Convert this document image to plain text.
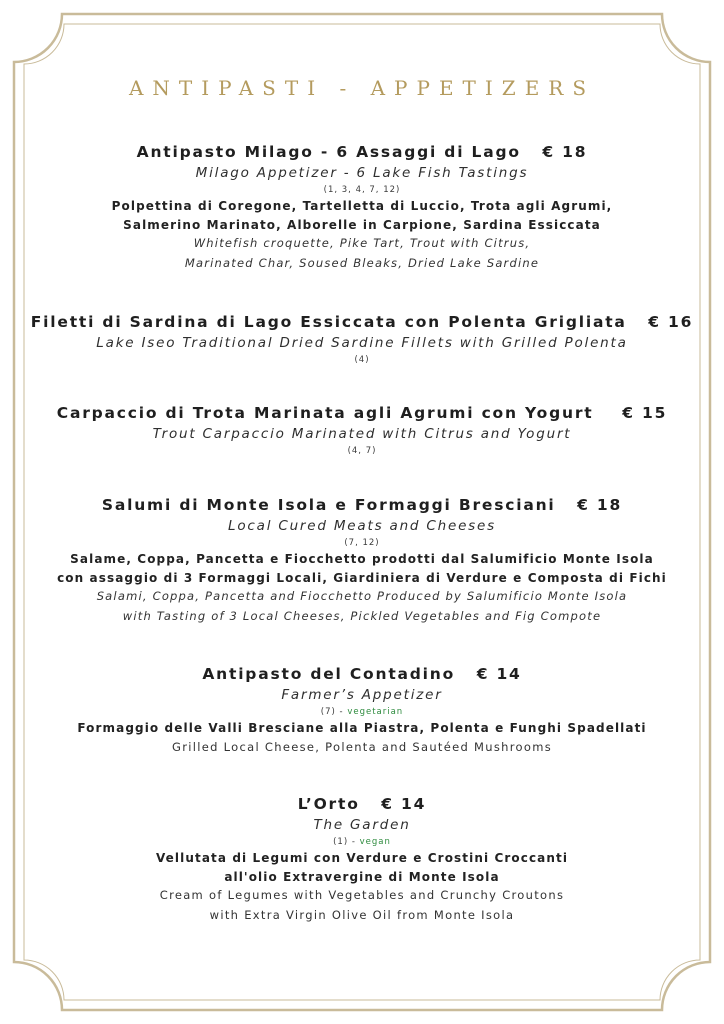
ANTIPASTI - APPETIZERS
Antipasto Milago - 6 Assaggi di Lago € 18
Milago Appetizer - 6 Lake Fish Tastings
(1, 3, 4, 7, 12)
Polpettina di Coregone, Tartelletta di Luccio, Trota agli Agrumi,
Salmerino Marinato, Alborelle in Carpione, Sardina Essiccata
Whitefish croquette, Pike Tart, Trout with Citrus,
Marinated Char, Soused Bleaks, Dried Lake Sardine
Filetti di Sardina di Lago Essiccata con Polenta Grigliata € 16
Lake Iseo Traditional Dried Sardine Fillets with Grilled Polenta
(4)
Carpaccio di Trota Marinata agli Agrumi con Yogurt € 15
Trout Carpaccio Marinated with Citrus and Yogurt
(4, 7)
Salumi di Monte Isola e Formaggi Bresciani € 18
Local Cured Meats and Cheeses
(7, 12)
Salame, Coppa, Pancetta e Fiocchetto prodotti dal Salumificio Monte Isola
con assaggio di 3 Formaggi Locali, Giardiniera di Verdure e Composta di Fichi
Salami, Coppa, Pancetta and Fiocchetto Produced by Salumificio Monte Isola
with Tasting of 3 Local Cheeses, Pickled Vegetables and Fig Compote
Antipasto del Contadino € 14
Farmer’s Appetizer
(7) - vegetarian
Formaggio delle Valli Bresciane alla Piastra, Polenta e Funghi Spadellati
Grilled Local Cheese, Polenta and Sautéed Mushrooms
L’Orto € 14
The Garden
(1) - vegan
Vellutata di Legumi con Verdure e Crostini Croccanti
all'olio Extravergine di Monte Isola
Cream of Legumes with Vegetables and Crunchy Croutons
with Extra Virgin Olive Oil from Monte Isola
